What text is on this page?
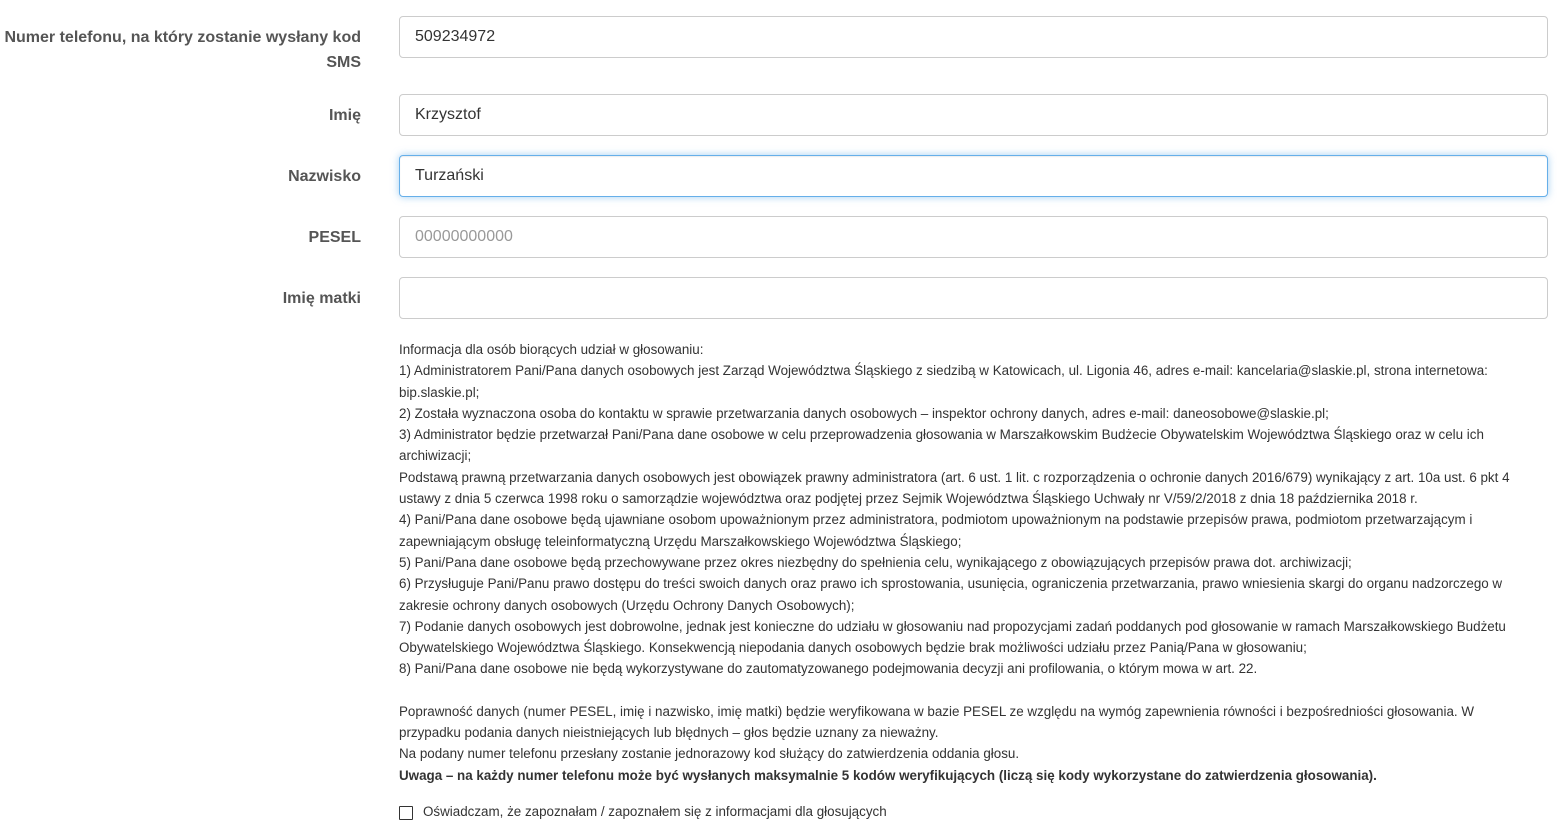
Numer telefonu, na który zostanie wysłany kod SMS
509234972
Imię
Krzysztof
Nazwisko
Turzański
PESEL
00000000000
Imię matki

Informacja dla osób biorących udział w głosowaniu:

1) Administratorem Pani/Pana danych osobowych jest Zarząd Województwa Śląskiego z siedzibą w Katowicach, ul. Ligonia 46, adres e-mail: kancelaria@slaskie.pl, strona internetowa: bip.slaskie.pl;

2) Została wyznaczona osoba do kontaktu w sprawie przetwarzania danych osobowych – inspektor ochrony danych, adres e-mail: daneosobowe@slaskie.pl;

3) Administrator będzie przetwarzał Pani/Pana dane osobowe w celu przeprowadzenia głosowania w Marszałkowskim Budżecie Obywatelskim Województwa Śląskiego oraz w celu ich archiwizacji;

Podstawą prawną przetwarzania danych osobowych jest obowiązek prawny administratora (art. 6 ust. 1 lit. c rozporządzenia o ochronie danych 2016/679) wynikający z art. 10a ust. 6 pkt 4 ustawy z dnia 5 czerwca 1998 roku o samorządzie województwa oraz podjętej przez Sejmik Województwa Śląskiego Uchwały nr V/59/2/2018 z dnia 18 października 2018 r.

4) Pani/Pana dane osobowe będą ujawniane osobom upoważnionym przez administratora, podmiotom upoważnionym na podstawie przepisów prawa, podmiotom przetwarzającym i zapewniającym obsługę teleinformatyczną Urzędu Marszałkowskiego Województwa Śląskiego;

5) Pani/Pana dane osobowe będą przechowywane przez okres niezbędny do spełnienia celu, wynikającego z obowiązujących przepisów prawa dot. archiwizacji;

6) Przysługuje Pani/Panu prawo dostępu do treści swoich danych oraz prawo ich sprostowania, usunięcia, ograniczenia przetwarzania, prawo wniesienia skargi do organu nadzorczego w zakresie ochrony danych osobowych (Urzędu Ochrony Danych Osobowych);

7) Podanie danych osobowych jest dobrowolne, jednak jest konieczne do udziału w głosowaniu nad propozycjami zadań poddanych pod głosowanie w ramach Marszałkowskiego Budżetu Obywatelskiego Województwa Śląskiego. Konsekwencją niepodania danych osobowych będzie brak możliwości udziału przez Panią/Pana w głosowaniu;

8) Pani/Pana dane osobowe nie będą wykorzystywane do zautomatyzowanego podejmowania decyzji ani profilowania, o którym mowa w art. 22.

Poprawność danych (numer PESEL, imię i nazwisko, imię matki) będzie weryfikowana w bazie PESEL ze względu na wymóg zapewnienia równości i bezpośredniości głosowania. W przypadku podania danych nieistniejących lub błędnych – głos będzie uznany za nieważny.

Na podany numer telefonu przesłany zostanie jednorazowy kod służący do zatwierdzenia oddania głosu.

Uwaga – na każdy numer telefonu może być wysłanych maksymalnie 5 kodów weryfikujących (liczą się kody wykorzystane do zatwierdzenia głosowania).

Oświadczam, że zapoznałam / zapoznałem się z informacjami dla głosujących
